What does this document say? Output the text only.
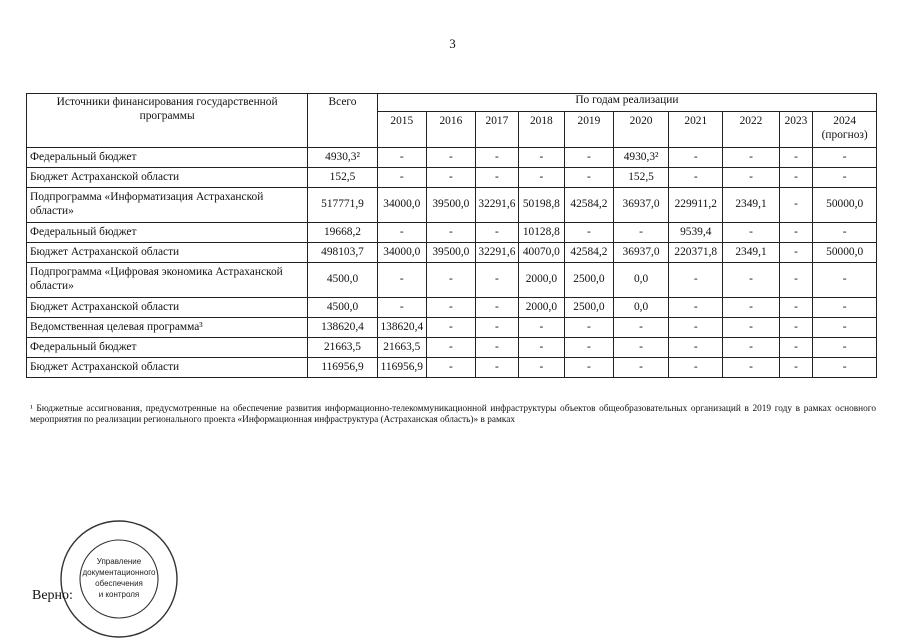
3
Источники финансирования государственной программы	Всего	По годам реализации									
		2015	2016	2017	2018	2019	2020	2021	2022	2023	2024
(прогноз)
Федеральный бюджет	4930,3²	-	-	-	-	-	4930,3²	-	-	-	-
Бюджет Астраханской области	152,5	-	-	-	-	-	152,5	-	-	-	-
Подпрограмма «Информатизация Астраханской области»	517771,9	34000,0	39500,0	32291,6	50198,8	42584,2	36937,0	229911,2	2349,1	-	50000,0
Федеральный бюджет	19668,2	-	-	-	10128,8	-	-	9539,4	-	-	-
Бюджет Астраханской области	498103,7	34000,0	39500,0	32291,6	40070,0	42584,2	36937,0	220371,8	2349,1	-	50000,0
Подпрограмма «Цифровая экономика Астраханской области»	4500,0	-	-	-	2000,0	2500,0	0,0	-	-	-	-
Бюджет Астраханской области	4500,0	-	-	-	2000,0	2500,0	0,0	-	-	-	-
Ведомственная целевая программа³	138620,4	138620,4	-	-	-	-	-	-	-	-	-
Федеральный бюджет	21663,5	21663,5	-	-	-	-	-	-	-	-	-
Бюджет Астраханской области	116956,9	116956,9	-	-	-	-	-	-	-	-	-

¹ Бюджетные ассигнования, предусмотренные на обеспечение развития информационно-телекоммуникационной инфраструктуры объектов общеобразовательных организаций в 2019 году в рамках основного мероприятия по реализации регионального проекта «Информационная инфраструктура (Астраханская область)» в рамках

Управление
документационного
обеспечения
и контроля
Верно:
